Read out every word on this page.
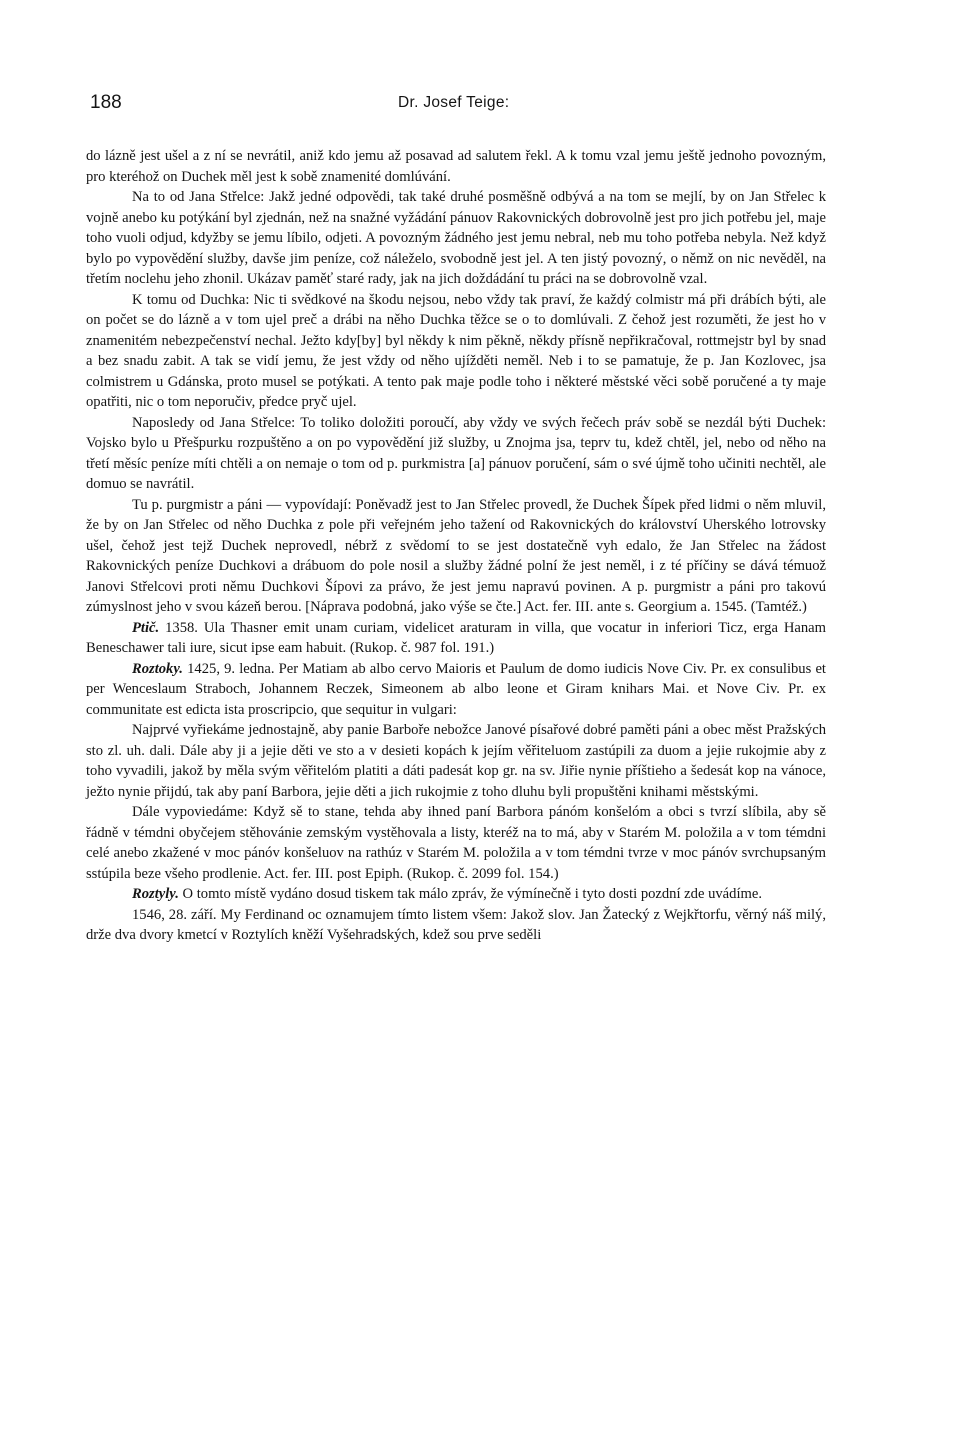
188	Dr. Josef Teige:

do lázně jest ušel a z ní se nevrátil, aniž kdo jemu až posavad ad salutem řekl. A k tomu vzal jemu ještě jednoho povozným, pro kteréhož on Duchek měl jest k sobě znamenité domlúvání.

Na to od Jana Střelce: Jakž jedné odpovědi, tak také druhé posměšně odbývá a na tom se mejlí, by on Jan Střelec k vojně anebo ku potýkání byl zjednán, než na snažné vyžádání pánuov Rakovnických dobrovolně jest pro jich potřebu jel, maje toho vuoli odjud, kdyžby se jemu líbilo, odjeti. A povozným žádného jest jemu nebral, neb mu toho potřeba nebyla. Než když bylo po vypovědění služby, davše jim peníze, což náleželo, svobodně jest jel. A ten jistý povozný, o němž on nic nevěděl, na třetím noclehu jeho zhonil. Ukázav paměť staré rady, jak na jich doždádání tu práci na se dobrovolně vzal.

K tomu od Duchka: Nic ti svědkové na škodu nejsou, nebo vždy tak praví, že každý colmistr má při drábích býti, ale on počet se do lázně a v tom ujel preč a drábi na něho Duchka těžce se o to domlúvali. Z čehož jest rozuměti, že jest ho v znamenitém nebezpečenství nechal. Ježto kdy[by] byl někdy k nim pěkně, někdy přísně nepřikračoval, rottmejstr byl by snad a bez snadu zabit. A tak se vidí jemu, že jest vždy od něho ujížděti neměl. Neb i to se pamatuje, že p. Jan Kozlovec, jsa colmistrem u Gdánska, proto musel se potýkati. A tento pak maje podle toho i některé městské věci sobě poručené a ty maje opatřiti, nic o tom neporučiv, předce pryč ujel.

Naposledy od Jana Střelce: To toliko doložiti poroučí, aby vždy ve svých řečech práv sobě se nezdál býti Duchek: Vojsko bylo u Přešpurku rozpuštěno a on po vypovědění již služby, u Znojma jsa, teprv tu, kdež chtěl, jel, nebo od něho na třetí měsíc peníze míti chtěli a on nemaje o tom od p. purkmistra [a] pánuov poručení, sám o své újmě toho učiniti nechtěl, ale domuo se navrátil.

Tu p. purgmistr a páni — vypovídají: Poněvadž jest to Jan Střelec provedl, že Duchek Šípek před lidmi o něm mluvil, že by on Jan Střelec od něho Duchka z pole při veřejném jeho tažení od Rakovnických do království Uherského lotrovsky ušel, čehož jest tejž Duchek neprovedl, nébrž z svědomí to se jest dostatečně vyh edalo, že Jan Střelec na žádost Rakovnických peníze Duchkovi a drábuom do pole nosil a služby žádné polní že jest neměl, i z té příčiny se dává témuož Janovi Střelcovi proti němu Duchkovi Šípovi za právo, že jest jemu napravú povinen. A p. purgmistr a páni pro takovú zúmyslnost jeho v svou kázeň berou. [Náprava podobná, jako výše se čte.] Act. fer. III. ante s. Georgium a. 1545. (Tamtéž.)

Ptič. 1358. Ula Thasner emit unam curiam, videlicet araturam in villa, que vocatur in inferiori Ticz, erga Hanam Beneschawer tali iure, sicut ipse eam habuit. (Rukop. č. 987 fol. 191.)

Roztoky. 1425, 9. ledna. Per Matiam ab albo cervo Maioris et Paulum de domo iudicis Nove Civ. Pr. ex consulibus et per Wenceslaum Straboch, Johannem Reczek, Simeonem ab albo leone et Giram knihars Mai. et Nove Civ. Pr. ex communitate est edicta ista proscripcio, que sequitur in vulgari:

Najprvé vyřiekáme jednostajně, aby panie Barboře nebožce Janové písařové dobré paměti páni a obec měst Pražských sto zl. uh. dali. Dále aby ji a jejie děti ve sto a v desieti kopách k jejím věřiteluom zastúpili za duom a jejie rukojmie aby z toho vyvadili, jakož by měla svým věřitelóm platiti a dáti padesát kop gr. na sv. Jiřie nynie příštieho a šedesát kop na vánoce, ježto nynie přijdú, tak aby paní Barbora, jejie děti a jich rukojmie z toho dluhu byli propuštěni knihami městskými.

Dále vypoviedáme: Když sě to stane, tehda aby ihned paní Barbora pánóm konšelóm a obci s tvrzí slíbila, aby sě řádně v témdni obyčejem stěhovánie zemským vystěhovala a listy, kteréž na to má, aby v Starém M. položila a v tom témdni celé anebo zkažené v moc pánóv konšeluov na rathúz v Starém M. položila a v tom témdni tvrze v moc pánóv svrchupsaným sstúpila beze všeho prodlenie. Act. fer. III. post Epiph. (Rukop. č. 2099 fol. 154.)

Roztyly. O tomto místě vydáno dosud tiskem tak málo zpráv, že výmínečně i tyto dosti pozdní zde uvádíme.

1546, 28. září. My Ferdinand oc oznamujem tímto listem všem: Jakož slov. Jan Žatecký z Wejkřtorfu, věrný náš milý, drže dva dvory kmetcí v Roztylích kněží Vyšehradských, kdež sou prve seděli
